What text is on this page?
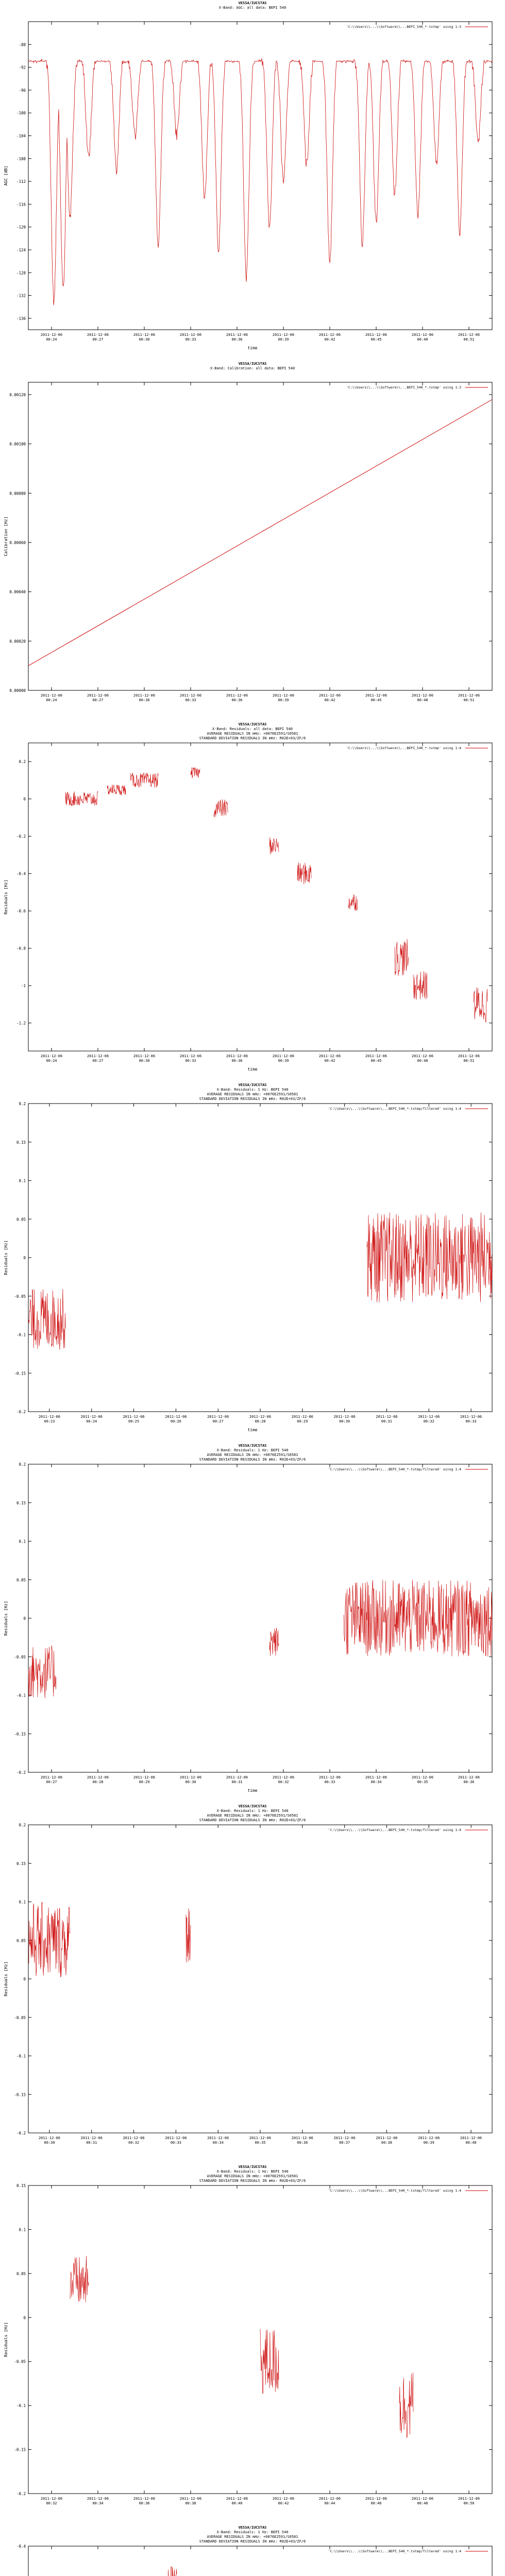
VESSA/IUCSTAS
X-Band: AGC: all data: BEPI 540
'C:\\Users\\...\\Software\\...BEPI_540_*.txtmp' using 1:3
-88
-92
-96
-100
-104
-108
-112
-116
-120
-124
-128
-132
-136
2011-12-06
00:24
2011-12-06
00:27
2011-12-06
00:30
2011-12-06
00:33
2011-12-06
00:36
2011-12-06
00:39
2011-12-06
00:42
2011-12-06
00:45
2011-12-06
00:48
2011-12-06
00:51
time
AGC [dB]
VESSA/IUCSTAS
X-Band: Calibration: all data: BEPI 540
'C:\\Users\\...\\Software\\...BEPI_540_*.txtmp' using 1:3
0.00000
0.00020
0.00040
0.00060
0.00080
0.00100
0.00120
2011-12-06
00:24
2011-12-06
00:27
2011-12-06
00:30
2011-12-06
00:33
2011-12-06
00:36
2011-12-06
00:39
2011-12-06
00:42
2011-12-06
00:45
2011-12-06
00:48
2011-12-06
00:51
Calibration [Hz]
VESSA/IUCSTAS
X-Band: Residuals: all data: BEPI 540
AVERAGE RESIDUALS IN mHz: +0076E2591/S0581
STANDARD DEVIATION RESIDUALS IN mHz: R02E+03/ZF/6
'C:\\Users\\...\\Software\\...BEPI_540_*.txtmp' using 1:4
0.2
0
-0.2
-0.4
-0.6
-0.8
-1
-1.2
2011-12-06
00:24
2011-12-06
00:27
2011-12-06
00:30
2011-12-06
00:33
2011-12-06
00:36
2011-12-06
00:39
2011-12-06
00:42
2011-12-06
00:45
2011-12-06
00:48
2011-12-06
00:51
time
Residuals [Hz]
VESSA/IUCSTAS
X-Band: Residuals: 1 Hz: BEPI 540
AVERAGE RESIDUALS IN mHz: +0076E2591/S0581
STANDARD DEVIATION RESIDUALS IN mHz: R02E+03/ZF/6
'C:\\Users\\...\\Software\\...BEPI_540_*.txtmp/filtered' using 1:4
0.2
0.15
0.1
0.05
0
-0.05
-0.1
-0.15
-0.2
2011-12-06
00:23
2011-12-06
00:24
2011-12-06
00:25
2011-12-06
00:26
2011-12-06
00:27
2011-12-06
00:28
2011-12-06
00:29
2011-12-06
00:30
2011-12-06
00:31
2011-12-06
00:32
2011-12-06
00:33
time
Residuals [Hz]
VESSA/IUCSTAS
X-Band: Residuals: 1 Hz: BEPI 540
AVERAGE RESIDUALS IN mHz: +0076E2591/S0581
STANDARD DEVIATION RESIDUALS IN mHz: R02E+03/ZF/6
'C:\\Users\\...\\Software\\...BEPI_540_*.txtmp/filtered' using 1:4
0.2
0.15
0.1
0.05
0
-0.05
-0.1
-0.15
-0.2
2011-12-06
00:27
2011-12-06
00:28
2011-12-06
00:29
2011-12-06
00:30
2011-12-06
00:31
2011-12-06
00:32
2011-12-06
00:33
2011-12-06
00:34
2011-12-06
00:35
2011-12-06
00:36
time
Residuals [Hz]
VESSA/IUCSTAS
X-Band: Residuals: 1 Hz: BEPI 540
AVERAGE RESIDUALS IN mHz: +0076E2591/S0581
STANDARD DEVIATION RESIDUALS IN mHz: R02E+03/ZF/6
'C:\\Users\\...\\Software\\...BEPI_540_*.txtmp/filtered' using 1:4
0.2
0.15
0.1
0.05
0
-0.05
-0.1
-0.15
-0.2
2011-12-06
00:30
2011-12-06
00:31
2011-12-06
00:32
2011-12-06
00:33
2011-12-06
00:34
2011-12-06
00:35
2011-12-06
00:36
2011-12-06
00:37
2011-12-06
00:38
2011-12-06
00:39
2011-12-06
00:40
Residuals [Hz]
VESSA/IUCSTAS
X-Band: Residuals: 1 Hz: BEPI 540
AVERAGE RESIDUALS IN mHz: +0076E2591/S0581
STANDARD DEVIATION RESIDUALS IN mHz: R02E+03/ZF/6
'C:\\Users\\...\\Software\\...BEPI_540_*.txtmp/filtered' using 1:4
0.15
0.1
0.05
0
-0.05
-0.1
-0.15
-0.2
2011-12-06
00:32
2011-12-06
00:34
2011-12-06
00:36
2011-12-06
00:38
2011-12-06
00:40
2011-12-06
00:42
2011-12-06
00:44
2011-12-06
00:46
2011-12-06
00:48
2011-12-06
00:50
Residuals [Hz]
VESSA/IUCSTAS
X-Band: Residuals: 1 Hz: BEPI 540
AVERAGE RESIDUALS IN mHz: +0076E2591/S0581
STANDARD DEVIATION RESIDUALS IN mHz: R02E+03/ZF/6
'C:\\Users\\...\\Software\\...BEPI_540_*.txtmp/filtered' using 1:4
-0.4
